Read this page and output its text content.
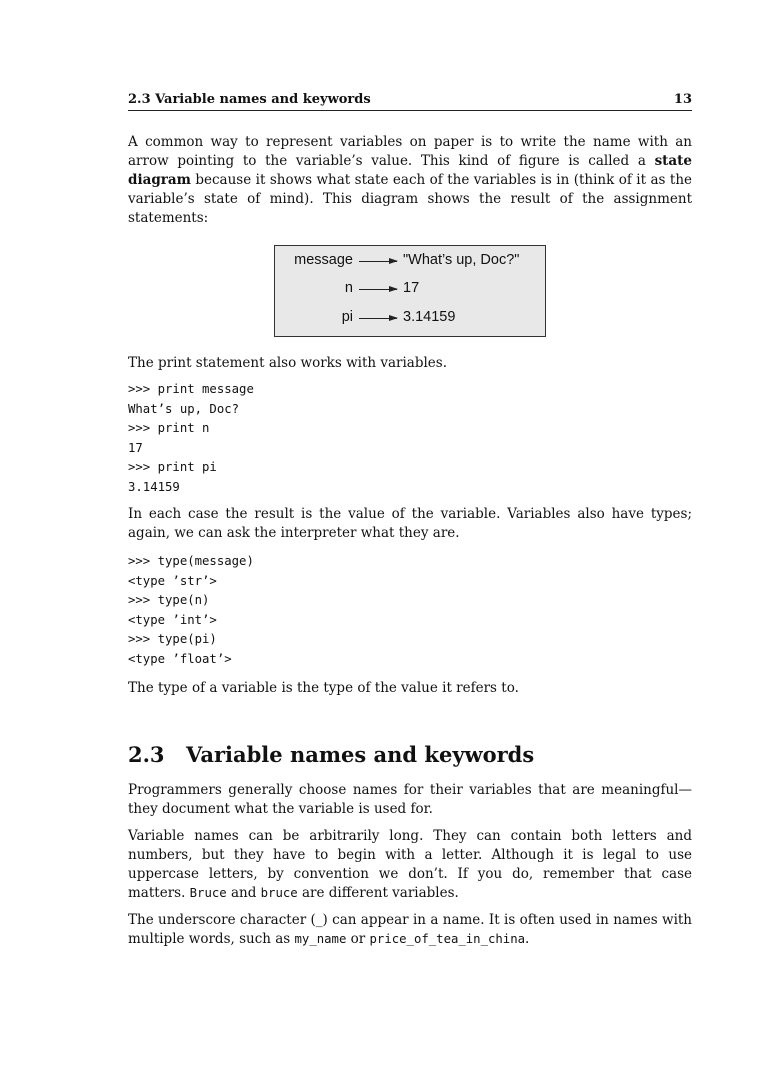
2.3 Variable names and keywords	13

A common way to represent variables on paper is to write the name with an arrow pointing to the variable’s value. This kind of figure is called a state diagram because it shows what state each of the variables is in (think of it as the variable’s state of mind). This diagram shows the result of the assignment statements:

message	"What’s up, Doc?"
n	17
pi	3.14159

The print statement also works with variables.

>>> print message
What’s up, Doc?
>>> print n
17
>>> print pi
3.14159

In each case the result is the value of the variable. Variables also have types; again, we can ask the interpreter what they are.

>>> type(message)
<type ’str’>
>>> type(n)
<type ’int’>
>>> type(pi)
<type ’float’>

The type of a variable is the type of the value it refers to.

2.3 Variable names and keywords

Programmers generally choose names for their variables that are meaningful—they document what the variable is used for.

Variable names can be arbitrarily long. They can contain both letters and numbers, but they have to begin with a letter. Although it is legal to use uppercase letters, by convention we don’t. If you do, remember that case matters. Bruce and bruce are different variables.

The underscore character (_) can appear in a name. It is often used in names with multiple words, such as my_name or price_of_tea_in_china.
